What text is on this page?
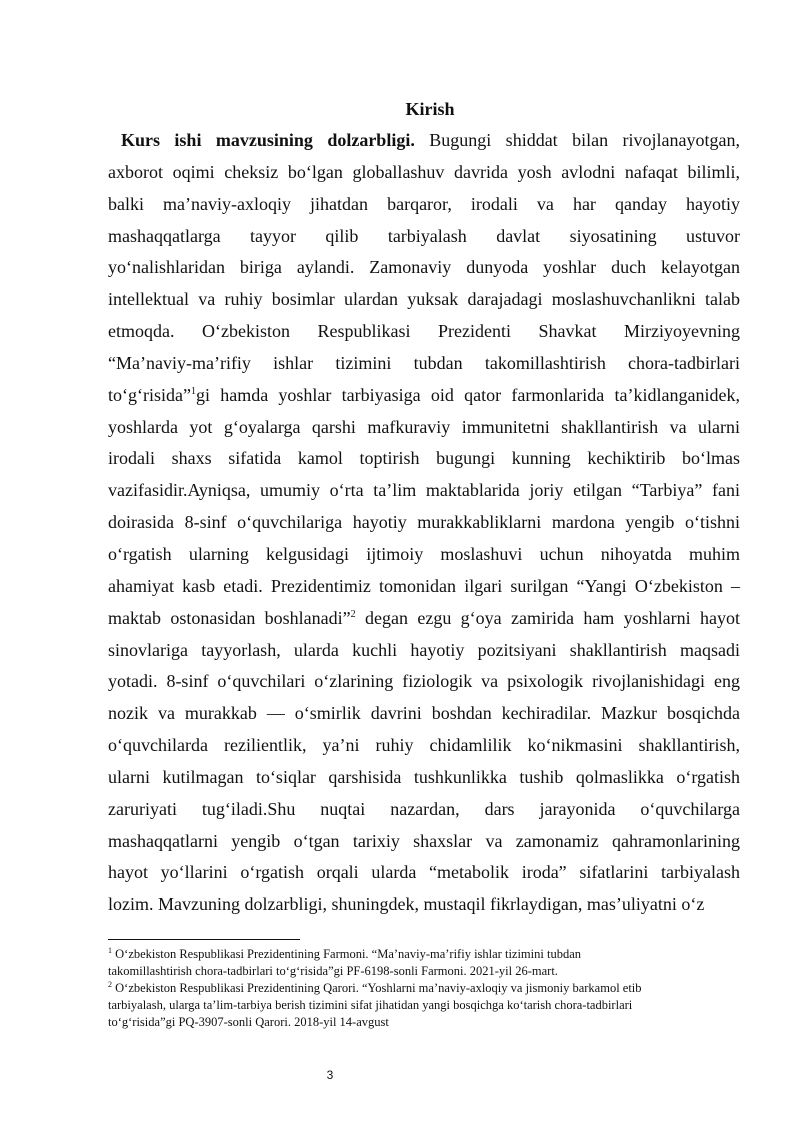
Kirish
Kurs ishi mavzusining dolzarbligi. Bugungi shiddat bilan rivojlanayotgan,
axborot oqimi cheksiz bo‘lgan globallashuv davrida yosh avlodni nafaqat bilimli,
balki ma’naviy-axloqiy jihatdan barqaror, irodali va har qanday hayotiy
mashaqqatlarga tayyor qilib tarbiyalash davlat siyosatining ustuvor
yo‘nalishlaridan biriga aylandi. Zamonaviy dunyoda yoshlar duch kelayotgan
intellektual va ruhiy bosimlar ulardan yuksak darajadagi moslashuvchanlikni talab
etmoqda. O‘zbekiston Respublikasi Prezidenti Shavkat Mirziyoyevning
“Ma’naviy-ma’rifiy ishlar tizimini tubdan takomillashtirish chora-tadbirlari
to‘g‘risida”$^1$gi hamda yoshlar tarbiyasiga oid qator farmonlarida ta’kidlanganidek,
yoshlarda yot g‘oyalarga qarshi mafkuraviy immunitetni shakllantirish va ularni
irodali shaxs sifatida kamol toptirish bugungi kunning kechiktirib bo‘lmas
vazifasidir.Ayniqsa, umumiy o‘rta ta’lim maktablarida joriy etilgan “Tarbiya” fani
doirasida 8-sinf o‘quvchilariga hayotiy murakkabliklarni mardona yengib o‘tishni
o‘rgatish ularning kelgusidagi ijtimoiy moslashuvi uchun nihoyatda muhim
ahamiyat kasb etadi. Prezidentimiz tomonidan ilgari surilgan “Yangi O‘zbekiston –
maktab ostonasidan boshlanadi”$^2$ degan ezgu g‘oya zamirida ham yoshlarni hayot
sinovlariga tayyorlash, ularda kuchli hayotiy pozitsiyani shakllantirish maqsadi
yotadi. 8-sinf o‘quvchilari o‘zlarining fiziologik va psixologik rivojlanishidagi eng
nozik va murakkab — o‘smirlik davrini boshdan kechiradilar. Mazkur bosqichda
o‘quvchilarda rezilientlik, ya’ni ruhiy chidamlilik ko‘nikmasini shakllantirish,
ularni kutilmagan to‘siqlar qarshisida tushkunlikka tushib qolmaslikka o‘rgatish
zaruriyati tug‘iladi.Shu nuqtai nazardan, dars jarayonida o‘quvchilarga
mashaqqatlarni yengib o‘tgan tarixiy shaxslar va zamonamiz qahramonlarining
hayot yo‘llarini o‘rgatish orqali ularda “metabolik iroda” sifatlarini tarbiyalash
lozim. Mavzuning dolzarbligi, shuningdek, mustaqil fikrlaydigan, mas’uliyatni o‘z
$^1$ O‘zbekiston Respublikasi Prezidentining Farmoni. “Ma’naviy-ma’rifiy ishlar tizimini tubdan
takomillashtirish chora-tadbirlari to‘g‘risida”gi PF-6198-sonli Farmoni. 2021-yil 26-mart.
$^2$ O‘zbekiston Respublikasi Prezidentining Qarori. “Yoshlarni ma’naviy-axloqiy va jismoniy barkamol etib
tarbiyalash, ularga ta’lim-tarbiya berish tizimini sifat jihatidan yangi bosqichga ko‘tarish chora-tadbirlari
to‘g‘risida”gi PQ-3907-sonli Qarori. 2018-yil 14-avgust
3
